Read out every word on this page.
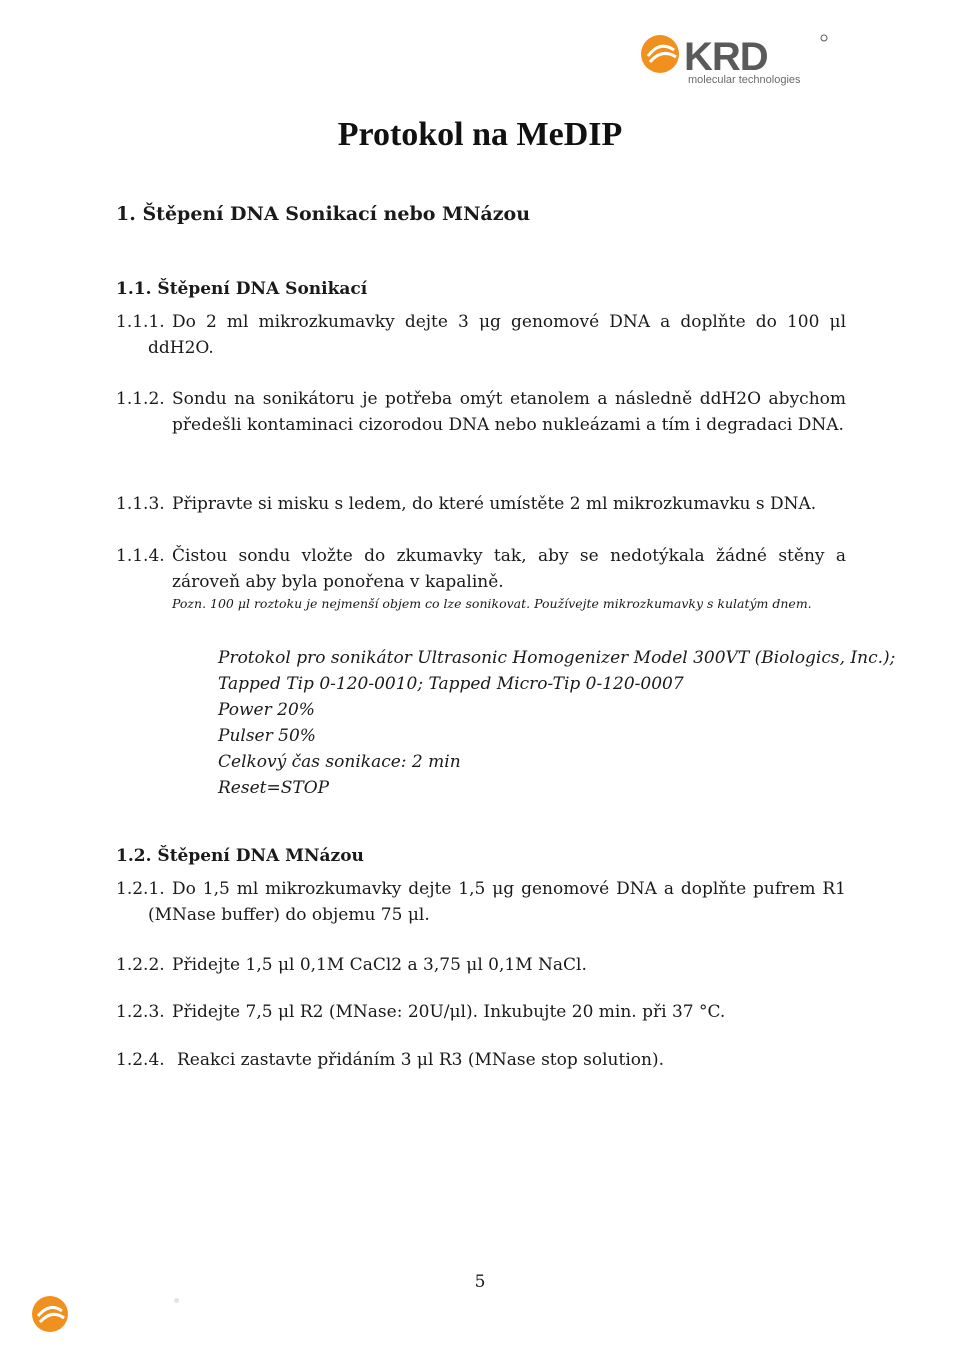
KRD
molecular technologies
Protokol na MeDIP
1. Štěpení DNA Sonikací nebo MNázou
1.1. Štěpení DNA Sonikací
1.1.1. Do 2 ml mikrozkumavky dejte 3 μg genomové DNA a doplňte do 100 μl ddH2O.
1.1.2. Sondu na sonikátoru je potřeba omýt etanolem a následně ddH2O abychom předešli kontaminaci cizorodou DNA nebo nukleázami a tím i degradaci DNA.
1.1.3. Připravte si misku s ledem, do které umístěte 2 ml mikrozkumavku s DNA.
1.1.4. Čistou sondu vložte do zkumavky tak, aby se nedotýkala žádné stěny a zároveň aby byla ponořena v kapalině.
Pozn. 100 μl roztoku je nejmenší objem co lze sonikovat. Používejte mikrozkumavky s kulatým dnem.
Protokol pro sonikátor Ultrasonic Homogenizer Model 300VT (Biologics, Inc.);
Tapped Tip 0-120-0010; Tapped Micro-Tip 0-120-0007
Power 20%
Pulser 50%
Celkový čas sonikace: 2 min
Reset=STOP
1.2. Štěpení DNA MNázou
1.2.1. Do 1,5 ml mikrozkumavky dejte 1,5 μg genomové DNA a doplňte pufrem R1 (MNase buffer) do objemu 75 μl.
1.2.2. Přidejte 1,5 μl 0,1M CaCl2 a 3,75 μl 0,1M NaCl.
1.2.3. Přidejte 7,5 μl R2 (MNase: 20U/μl). Inkubujte 20 min. při 37 °C.
1.2.4. Reakci zastavte přidáním 3 μl R3 (MNase stop solution).
5
